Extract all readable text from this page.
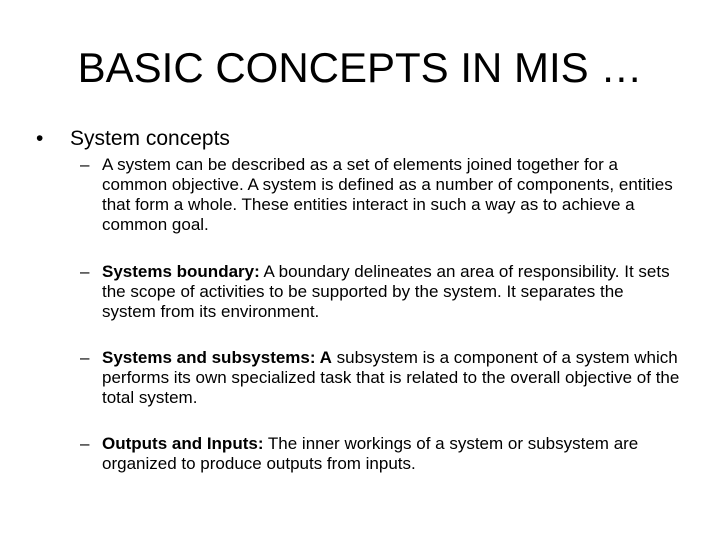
BASIC CONCEPTS IN MIS …
• System concepts
– A system can be described as a set of elements joined together for a common objective. A system is defined as a number of components, entities that form a whole. These entities interact in such a way as to achieve a common goal.
– Systems boundary: A boundary delineates an area of responsibility. It sets the scope of activities to be supported by the system. It separates the system from its environment.
– Systems and subsystems: A subsystem is a component of a system which performs its own specialized task that is related to the overall objective of the total system.
– Outputs and Inputs: The inner workings of a system or subsystem are organized to produce outputs from inputs.
